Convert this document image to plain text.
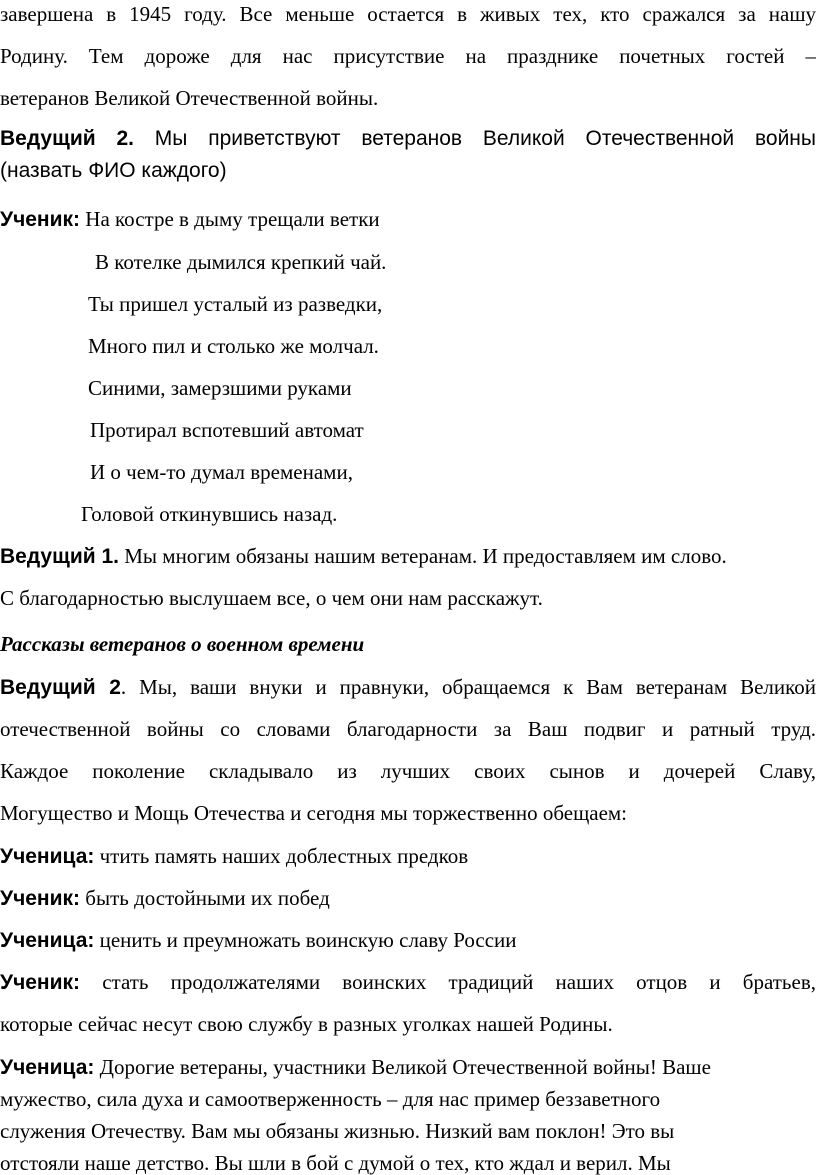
завершена в 1945 году. Все меньше остается в живых тех, кто сражался за нашу
Родину. Тем дороже для нас присутствие на празднике почетных гостей –
ветеранов Великой Отечественной войны.
Ведущий 2. Мы приветствуют ветеранов Великой Отечественной войны
(назвать ФИО каждого)
Ученик: На костре в дыму трещали ветки
В котелке дымился крепкий чай.
Ты пришел усталый из разведки,
Много пил и столько же молчал.
Синими, замерзшими руками
Протирал вспотевший автомат
И о чем-то думал временами,
Головой откинувшись назад.
Ведущий 1. Мы многим обязаны нашим ветеранам. И предоставляем им слово.
С благодарностью выслушаем все, о чем они нам расскажут.
Рассказы ветеранов о военном времени
Ведущий 2. Мы, ваши внуки и правнуки, обращаемся к Вам ветеранам Великой
отечественной войны со словами благодарности за Ваш подвиг и ратный труд.
Каждое поколение складывало из лучших своих сынов и дочерей Славу,
Могущество и Мощь Отечества и сегодня мы торжественно обещаем:
Ученица: чтить память наших доблестных предков
Ученик: быть достойными их побед
Ученица: ценить и преумножать воинскую славу России
Ученик: стать продолжателями воинских традиций наших отцов и братьев,
которые сейчас несут свою службу в разных уголках нашей Родины.
Ученица: Дорогие ветераны, участники Великой Отечественной войны! Ваше
мужество, сила духа и самоотверженность – для нас пример беззаветного
служения Отечеству. Вам мы обязаны жизнью. Низкий вам поклон! Это вы
отстояли наше детство. Вы шли в бой с думой о тех, кто ждал и верил. Мы
